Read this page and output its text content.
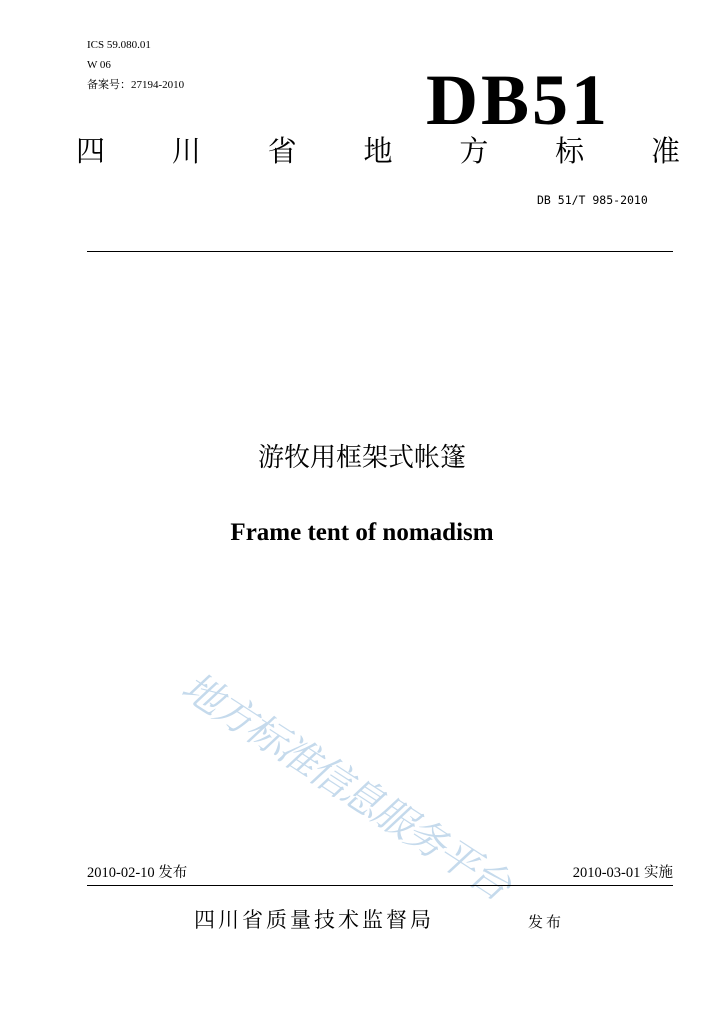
ICS 59.080.01
W 06
备案号：27194-2010	DB51
四 川 省 地 方 标 准
DB 51/T 985-2010
游牧用框架式帐篷
Frame tent of nomadism
地方标准信息服务平台
2010-02-10 发布	2010-03-01 实施
四川省质量技术监督局	发布
